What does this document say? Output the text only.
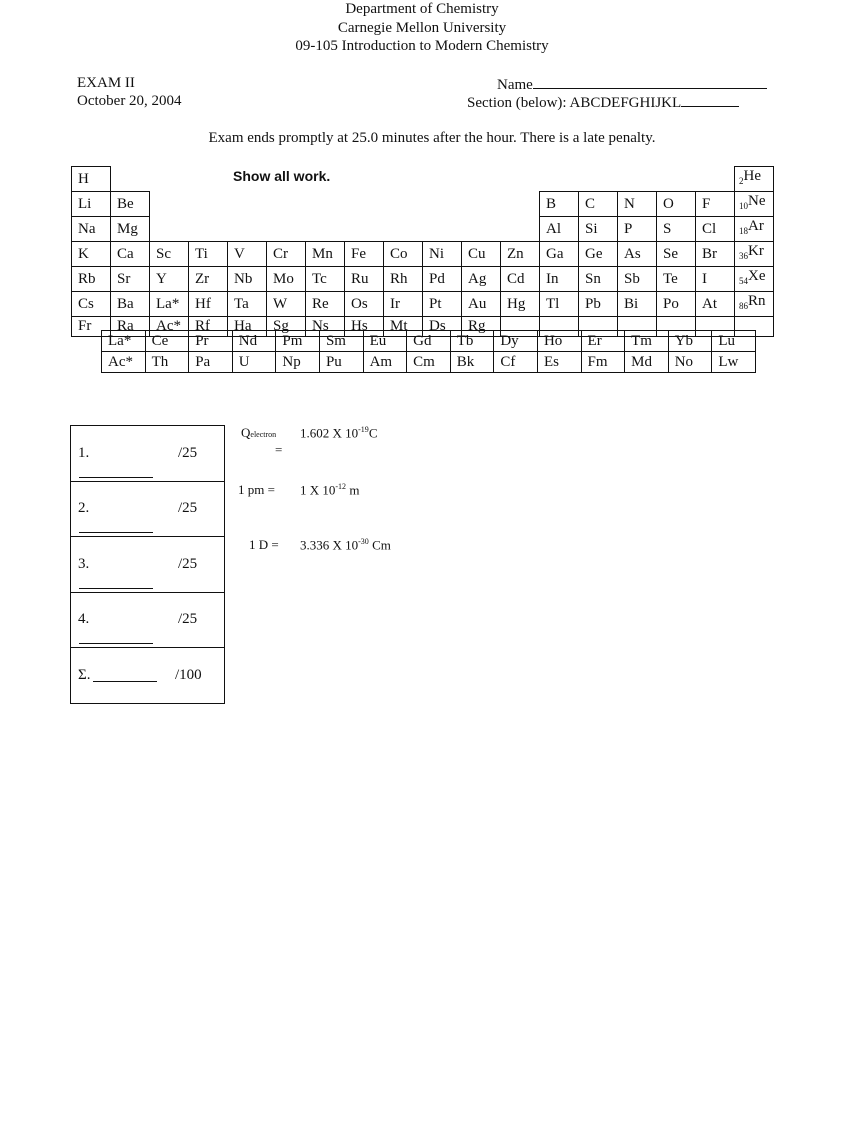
Department of Chemistry
Carnegie Mellon University
09-105 Introduction to Modern Chemistry
EXAM II
October 20, 2004
Name
Section (below): ABCDEFGHIJKL
Exam ends promptly at 25.0 minutes after the hour. There is a late penalty.
H																	$_2$He
Li	Be											B	C	N	O	F	$_{10}$Ne
Na	Mg											Al	Si	P	S	Cl	$_{18}$Ar
K	Ca	Sc	Ti	V	Cr	Mn	Fe	Co	Ni	Cu	Zn	Ga	Ge	As	Se	Br	$_{36}$Kr
Rb	Sr	Y	Zr	Nb	Mo	Tc	Ru	Rh	Pd	Ag	Cd	In	Sn	Sb	Te	I	$_{54}$Xe
Cs	Ba	La*	Hf	Ta	W	Re	Os	Ir	Pt	Au	Hg	Tl	Pb	Bi	Po	At	$_{86}$Rn
Fr	Ra	Ac*	Rf	Ha	Sg	Ns	Hs	Mt	Ds	Rg							
Show all work.
La*	Ce	Pr	Nd	Pm	Sm	Eu	Gd	Tb	Dy	Ho	Er	Tm	Yb	Lu
Ac*	Th	Pa	U	Np	Pu	Am	Cm	Bk	Cf	Es	Fm	Md	No	Lw
1.	/25
2.	/25
3.	/25
4.	/25
Σ.	/100
Qelectron
=
1.602 X $10^{-19}C$
1 pm = 1 X $10^{-12}$ m
1 D = 3.336 X $10^{-30}$ Cm
